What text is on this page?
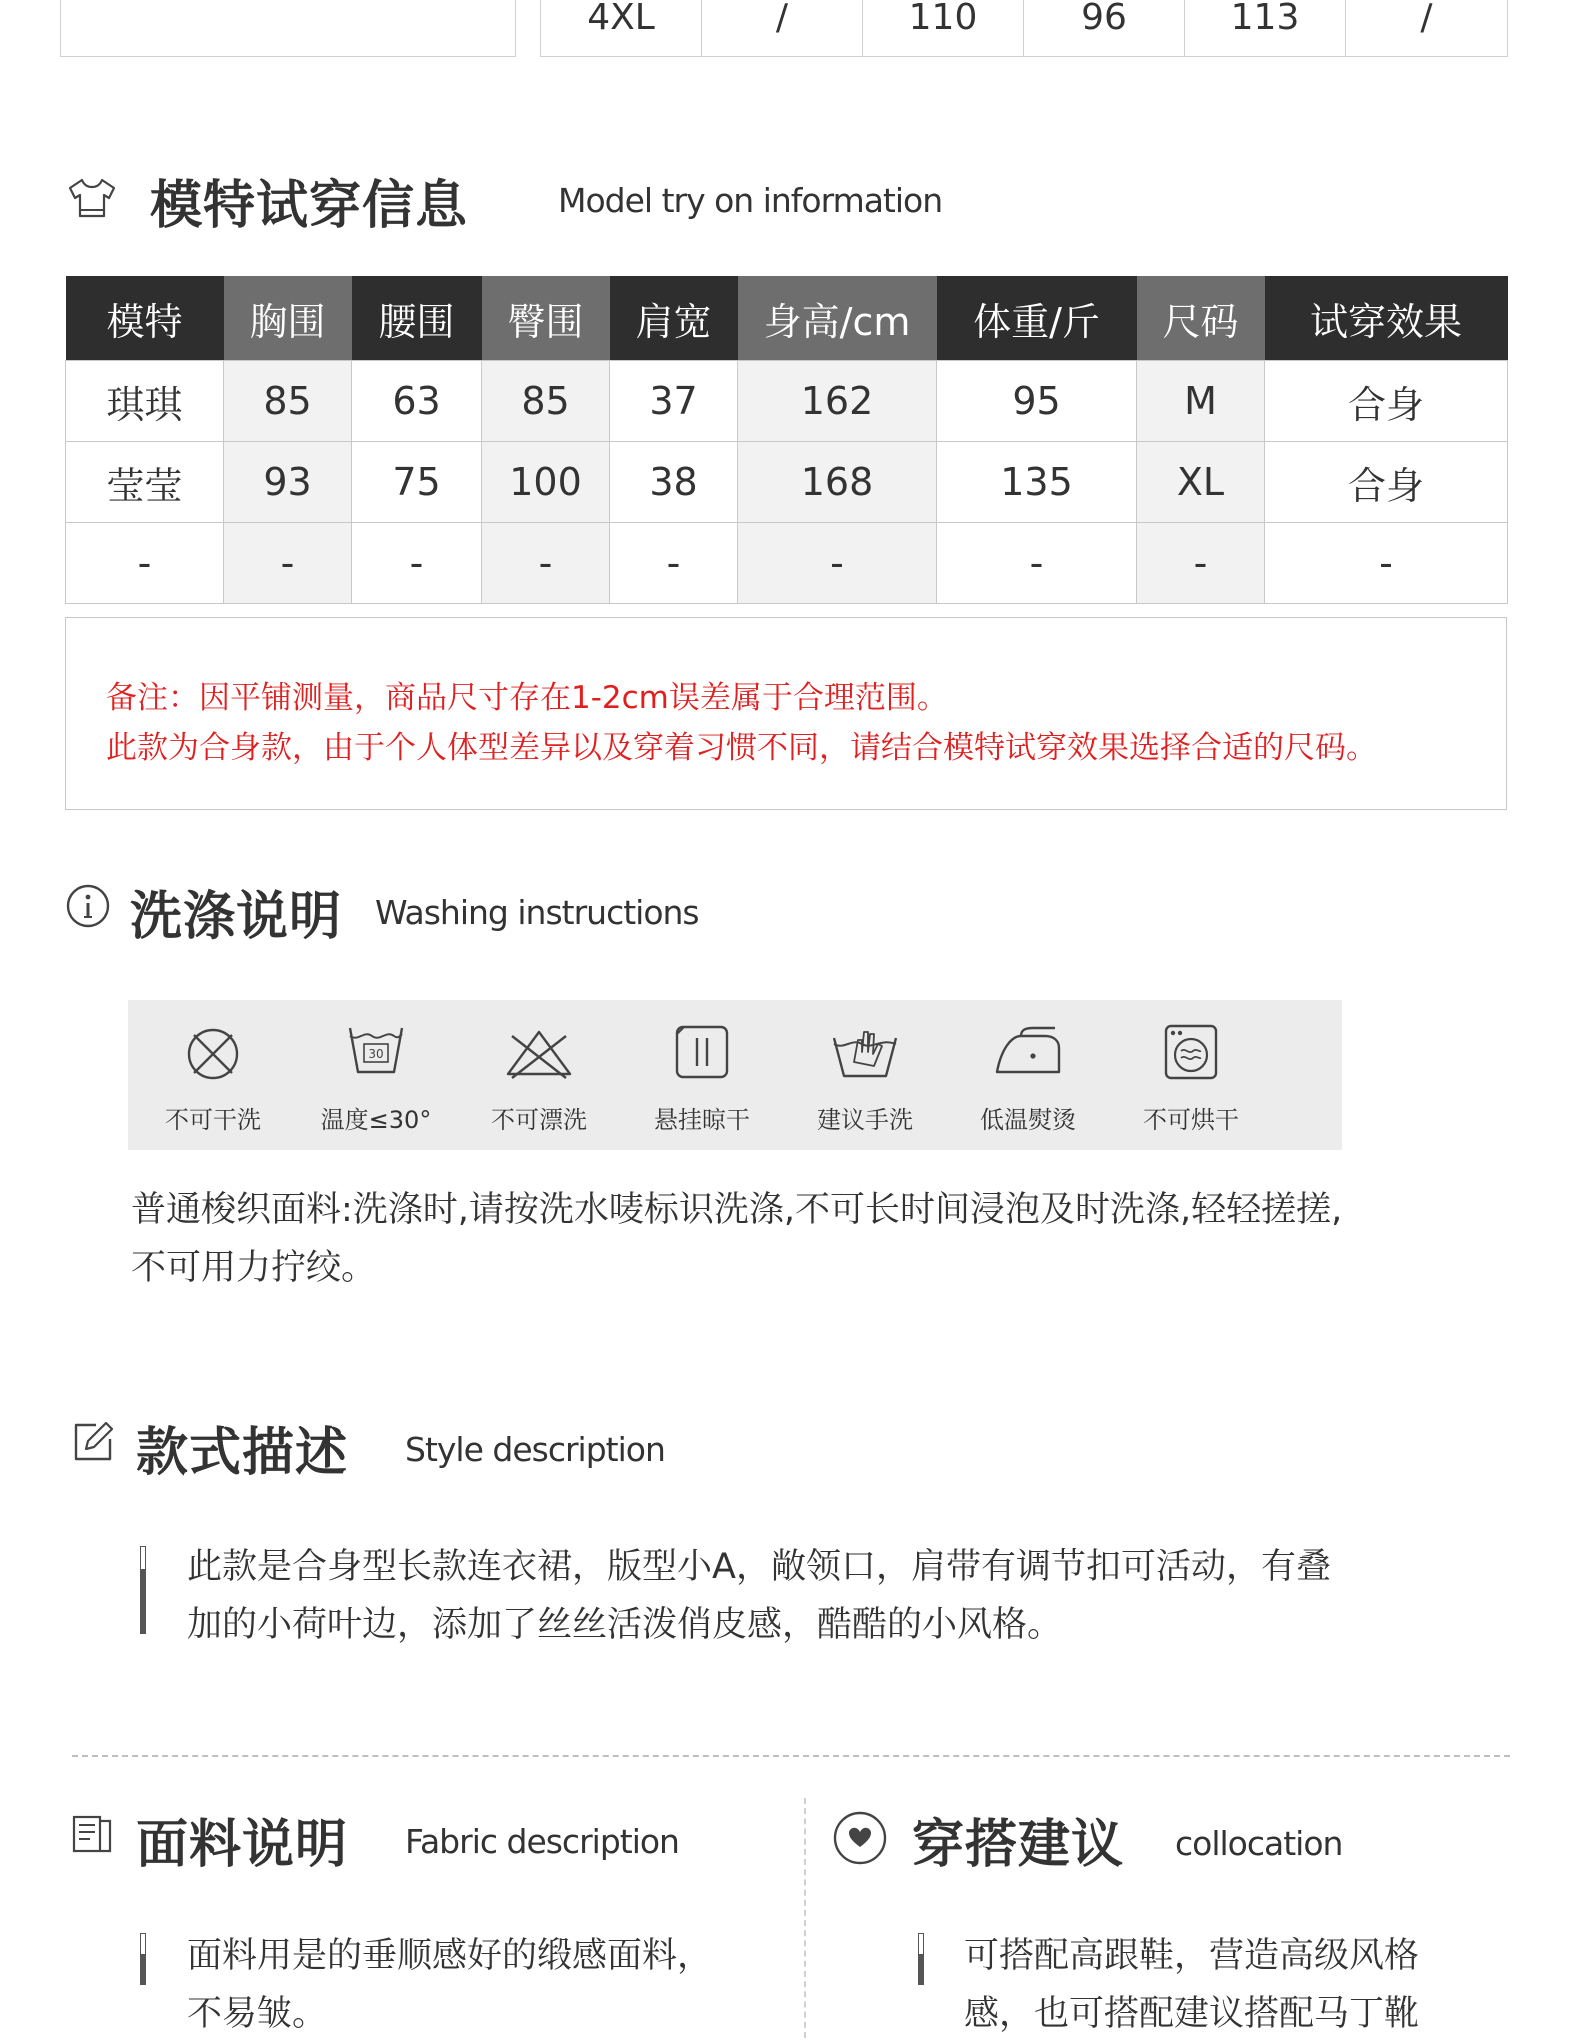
4XL	/	110	96	113	/
模特试穿信息	Model try on information
模特	胸围	腰围	臀围	肩宽	身高/cm	体重/斤	尺码	试穿效果
琪琪	85	63	85	37	162	95	M	合身
莹莹	93	75	100	38	168	135	XL	合身
-	-	-	-	-	-	-	-	-
备注：因平铺测量，商品尺寸存在1-2cm误差属于合理范围。
此款为合身款，由于个人体型差异以及穿着习惯不同，请结合模特试穿效果选择合适的尺码。
洗涤说明 Washing instructions
不可干洗
30
温度≤30°	不可漂洗	悬挂晾干	建议手洗	低温熨烫	不可烘干
普通梭织面料:洗涤时,请按洗水唛标识洗涤,不可长时间浸泡及时洗涤,轻轻搓搓,
不可用力拧绞。
款式描述 Style description
此款是合身型长款连衣裙，版型小A，敞领口，肩带有调节扣可活动，有叠
加的小荷叶边，添加了丝丝活泼俏皮感，酷酷的小风格。
面料说明 Fabric description
面料用是的垂顺感好的缎感面料，
不易皱。
穿搭建议 collocation
可搭配高跟鞋，营造高级风格
感，也可搭配建议搭配马丁靴
